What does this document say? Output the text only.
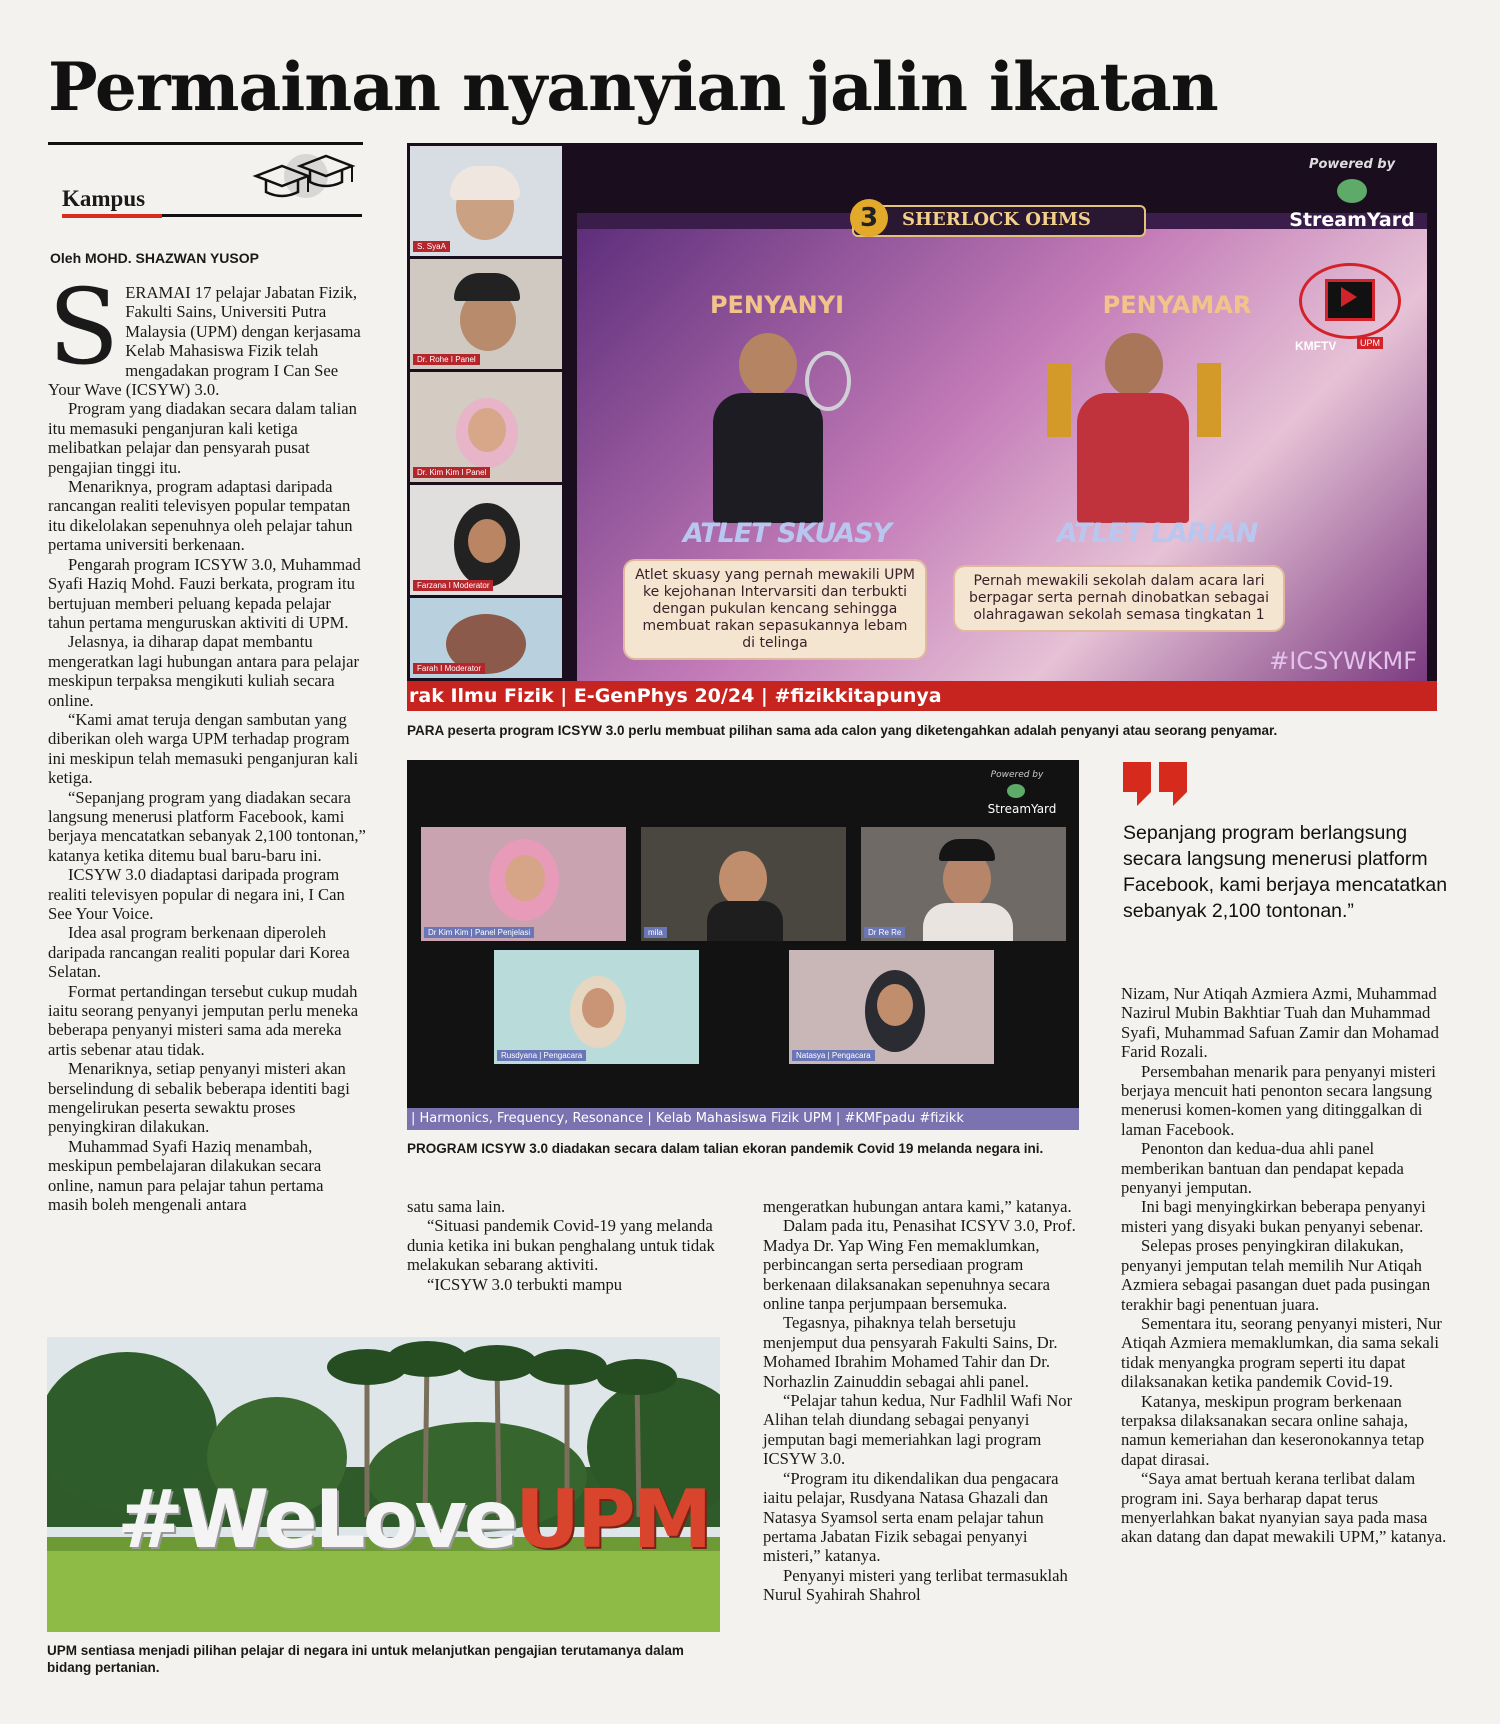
Permainan nyanyian jalin ikatan
Kampus
Oleh MOHD. SHAZWAN YUSOP

SERAMAI 17 pelajar Jabatan Fizik, Fakulti Sains, Universiti Putra Malaysia (UPM) dengan kerjasama Kelab Mahasiswa Fizik telah mengadakan program I Can See Your Wave (ICSYW) 3.0.

Program yang diadakan secara dalam talian itu memasuki penganjuran kali ketiga melibatkan pelajar dan pensyarah pusat pengajian tinggi itu.

Menariknya, program adaptasi daripada rancangan realiti televisyen popular tempatan itu dikelolakan sepenuhnya oleh pelajar tahun pertama universiti berkenaan.

Pengarah program ICSYW 3.0, Muhammad Syafi Haziq Mohd. Fauzi berkata, program itu bertujuan memberi peluang kepada pelajar tahun pertama menguruskan aktiviti di UPM.

Jelasnya, ia diharap dapat membantu mengeratkan lagi hubungan antara para pelajar meskipun terpaksa mengikuti kuliah secara online.

“Kami amat teruja dengan sambutan yang diberikan oleh warga UPM terhadap program ini meskipun telah memasuki penganjuran kali ketiga.

“Sepanjang program yang diadakan secara langsung menerusi platform Facebook, kami berjaya mencatatkan sebanyak 2,100 tontonan,” katanya ketika ditemu bual baru-baru ini.

ICSYW 3.0 diadaptasi daripada program realiti televisyen popular di negara ini, I Can See Your Voice.

Idea asal program berkenaan diperoleh daripada rancangan realiti popular dari Korea Selatan.

Format pertandingan tersebut cukup mudah iaitu seorang penyanyi jemputan perlu meneka beberapa penyanyi misteri sama ada mereka artis sebenar atau tidak.

Menariknya, setiap penyanyi misteri akan berselindung di sebalik beberapa identiti bagi mengelirukan peserta sewaktu proses penyingkiran dilakukan.

Muhammad Syafi Haziq menambah, meskipun pembelajaran dilakukan secara online, namun para pelajar tahun pertama masih boleh mengenali antara

S. SyaA
Dr. Rohe I Panel
Dr. Kim Kim I Panel
Farzana I Moderator
Farah I Moderator
PENYANYI	PENYAMAR
ATLET SKUASY	ATLET LARIAN
Atlet skuasy yang pernah mewakili UPM ke kejohanan Intervarsiti dan terbukti dengan pukulan kencang sehingga membuat rakan sepasukannya lebam di telinga
Pernah mewakili sekolah dalam acara lari berpagar serta pernah dinobatkan sebagai olahragawan sekolah semasa tingkatan 1
#ICSYWKMF
3	SHERLOCK OHMS
Powered by
StreamYard
KMFTV	UPM
rak Ilmu Fizik | E-GenPhys 20/24 | #fizikkitapunya
PARA peserta program ICSYW 3.0 perlu membuat pilihan sama ada calon yang diketengahkan adalah penyanyi atau seorang penyamar.
Powered by
StreamYard
Dr Kim Kim | Panel Penjelasi	mila	Dr Re Re
Rusdyana | Pengacara	Natasya | Pengacara
| Harmonics, Frequency, Resonance | Kelab Mahasiswa Fizik UPM | #KMFpadu #fizikk
PROGRAM ICSYW 3.0 diadakan secara dalam talian ekoran pandemik Covid 19 melanda negara ini.
Sepanjang program berlangsung secara langsung menerusi platform Facebook, kami berjaya mencatatkan sebanyak 2,100 tontonan.”

satu sama lain.

“Situasi pandemik Covid-19 yang melanda dunia ketika ini bukan penghalang untuk tidak melakukan sebarang aktiviti.

“ICSYW 3.0 terbukti mampu

mengeratkan hubungan antara kami,” katanya.

Dalam pada itu, Penasihat ICSYV 3.0, Prof. Madya Dr. Yap Wing Fen memaklumkan, perbincangan serta persediaan program berkenaan dilaksanakan sepenuhnya secara online tanpa perjumpaan bersemuka.

Tegasnya, pihaknya telah bersetuju menjemput dua pensyarah Fakulti Sains, Dr. Mohamed Ibrahim Mohamed Tahir dan Dr. Norhazlin Zainuddin sebagai ahli panel.

“Pelajar tahun kedua, Nur Fadhlil Wafi Nor Alihan telah diundang sebagai penyanyi jemputan bagi memeriahkan lagi program ICSYW 3.0.

“Program itu dikendalikan dua pengacara iaitu pelajar, Rusdyana Natasa Ghazali dan Natasya Syamsol serta enam pelajar tahun pertama Jabatan Fizik sebagai penyanyi misteri,” katanya.

Penyanyi misteri yang terlibat termasuklah Nurul Syahirah Shahrol

Nizam, Nur Atiqah Azmiera Azmi, Muhammad Nazirul Mubin Bakhtiar Tuah dan Muhammad Syafi, Muhammad Safuan Zamir dan Mohamad Farid Rozali.

Persembahan menarik para penyanyi misteri berjaya mencuit hati penonton secara langsung menerusi komen-komen yang ditinggalkan di laman Facebook.

Penonton dan kedua-dua ahli panel memberikan bantuan dan pendapat kepada penyanyi jemputan.

Ini bagi menyingkirkan beberapa penyanyi misteri yang disyaki bukan penyanyi sebenar.

Selepas proses penyingkiran dilakukan, penyanyi jemputan telah memilih Nur Atiqah Azmiera sebagai pasangan duet pada pusingan terakhir bagi penentuan juara.

Sementara itu, seorang penyanyi misteri, Nur Atiqah Azmiera memaklumkan, dia sama sekali tidak menyangka program seperti itu dapat dilaksanakan ketika pandemik Covid-19.

Katanya, meskipun program berkenaan terpaksa dilaksanakan secara online sahaja, namun kemeriahan dan keseronokannya tetap dapat dirasai.

“Saya amat bertuah kerana terlibat dalam program ini. Saya berharap dapat terus menyerlahkan bakat nyanyian saya pada masa akan datang dan dapat mewakili UPM,” katanya.

#WeLoveUPM
UPM sentiasa menjadi pilihan pelajar di negara ini untuk melanjutkan pengajian terutamanya dalam bidang pertanian.
